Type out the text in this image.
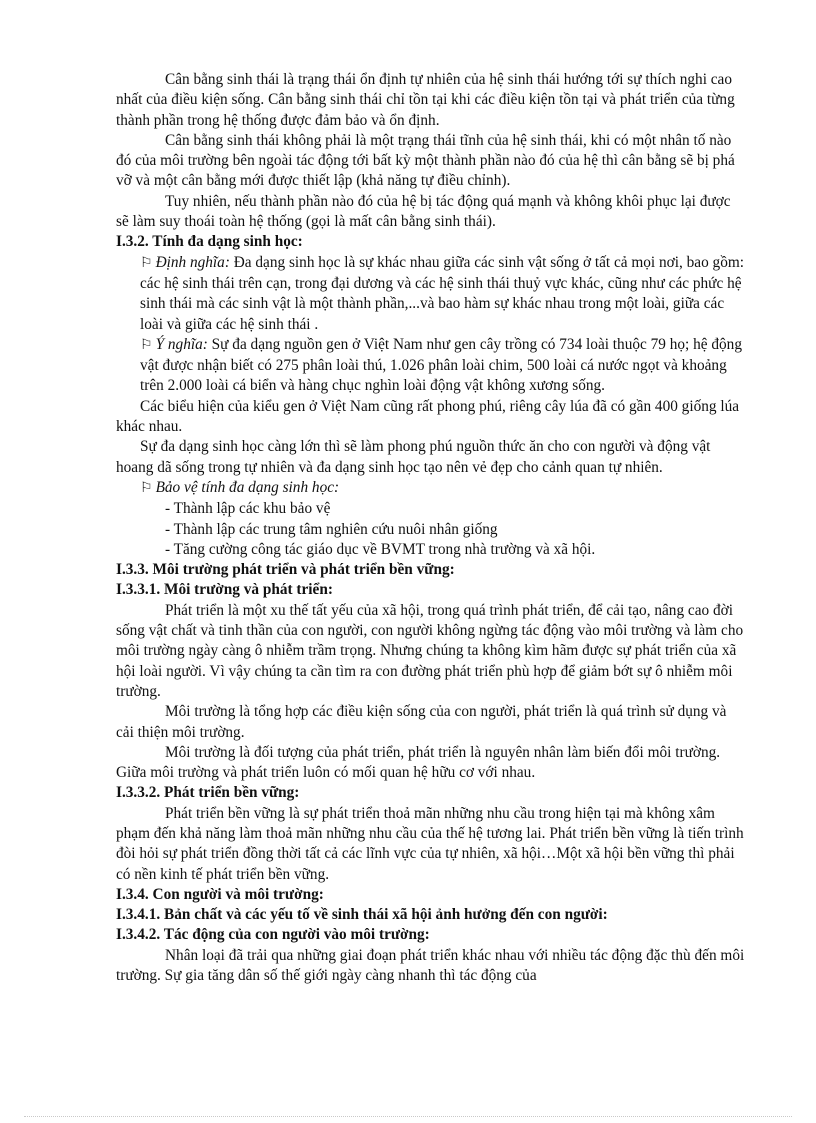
Cân bằng sinh thái là trạng thái ổn định tự nhiên của hệ sinh thái hướng tới sự thích nghi cao nhất của điều kiện sống. Cân bằng sinh thái chỉ tồn tại khi các điều kiện tồn tại và phát triển của từng thành phần trong hệ thống được đảm bảo và ổn định.

Cân bằng sinh thái không phải là một trạng thái tĩnh của hệ sinh thái, khi có một nhân tố nào đó của môi trường bên ngoài tác động tới bất kỳ một thành phần nào đó của hệ thì cân bằng sẽ bị phá vỡ và một cân bằng mới được thiết lập (khả năng tự điều chỉnh).

Tuy nhiên, nếu thành phần nào đó của hệ bị tác động quá mạnh và không khôi phục lại được sẽ làm suy thoái toàn hệ thống (gọi là mất cân bằng sinh thái).

I.3.2. Tính đa dạng sinh học:

⚐ Định nghĩa: Đa dạng sinh học là sự khác nhau giữa các sinh vật sống ở tất cả mọi nơi, bao gồm: các hệ sinh thái trên cạn, trong đại dương và các hệ sinh thái thuỷ vực khác, cũng như các phức hệ sinh thái mà các sinh vật là một thành phần,...và bao hàm sự khác nhau trong một loài, giữa các loài và giữa các hệ sinh thái .

⚐ Ý nghĩa: Sự đa dạng nguồn gen ở Việt Nam như gen cây trồng có 734 loài thuộc 79 họ; hệ động vật được nhận biết có 275 phân loài thú, 1.026 phân loài chim, 500 loài cá nước ngọt và khoảng trên 2.000 loài cá biển và hàng chục nghìn loài động vật không xương sống.

Các biểu hiện của kiểu gen ở Việt Nam cũng rất phong phú, riêng cây lúa đã có gần 400 giống lúa khác nhau.

Sự đa dạng sinh học càng lớn thì sẽ làm phong phú nguồn thức ăn cho con người và động vật hoang dã sống trong tự nhiên và đa dạng sinh học tạo nên vẻ đẹp cho cảnh quan tự nhiên.

⚐ Bảo vệ tính đa dạng sinh học:

- Thành lập các khu bảo vệ

- Thành lập các trung tâm nghiên cứu nuôi nhân giống

- Tăng cường công tác giáo dục về BVMT trong nhà trường và xã hội.

I.3.3. Môi trường phát triển và phát triển bền vững:

I.3.3.1. Môi trường và phát triển:

Phát triển là một xu thế tất yếu của xã hội, trong quá trình phát triển, để cải tạo, nâng cao đời sống vật chất và tinh thần của con người, con người không ngừng tác động vào môi trường và làm cho môi trường ngày càng ô nhiễm trầm trọng. Nhưng chúng ta không kìm hãm được sự phát triển của xã hội loài người. Vì vậy chúng ta cần tìm ra con đường phát triển phù hợp để giảm bớt sự ô nhiễm môi trường.

Môi trường là tổng hợp các điều kiện sống của con người, phát triển là quá trình sử dụng và cải thiện môi trường.

Môi trường là đối tượng của phát triển, phát triển là nguyên nhân làm biến đổi môi trường. Giữa môi trường và phát triển luôn có mối quan hệ hữu cơ với nhau.

I.3.3.2. Phát triển bền vững:

Phát triển bền vững là sự phát triển thoả mãn những nhu cầu trong hiện tại mà không xâm phạm đến khả năng làm thoả mãn những nhu cầu của thế hệ tương lai. Phát triển bền vững là tiến trình đòi hỏi sự phát triển đồng thời tất cả các lĩnh vực của tự nhiên, xã hội…Một xã hội bền vững thì phải có nền kinh tế phát triển bền vững.

I.3.4. Con người và môi trường:

I.3.4.1. Bản chất và các yếu tố về sinh thái xã hội ảnh hưởng đến con người:

I.3.4.2. Tác động của con người vào môi trường:

Nhân loại đã trải qua những giai đoạn phát triển khác nhau với nhiều tác động đặc thù đến môi trường. Sự gia tăng dân số thế giới ngày càng nhanh thì tác động của
